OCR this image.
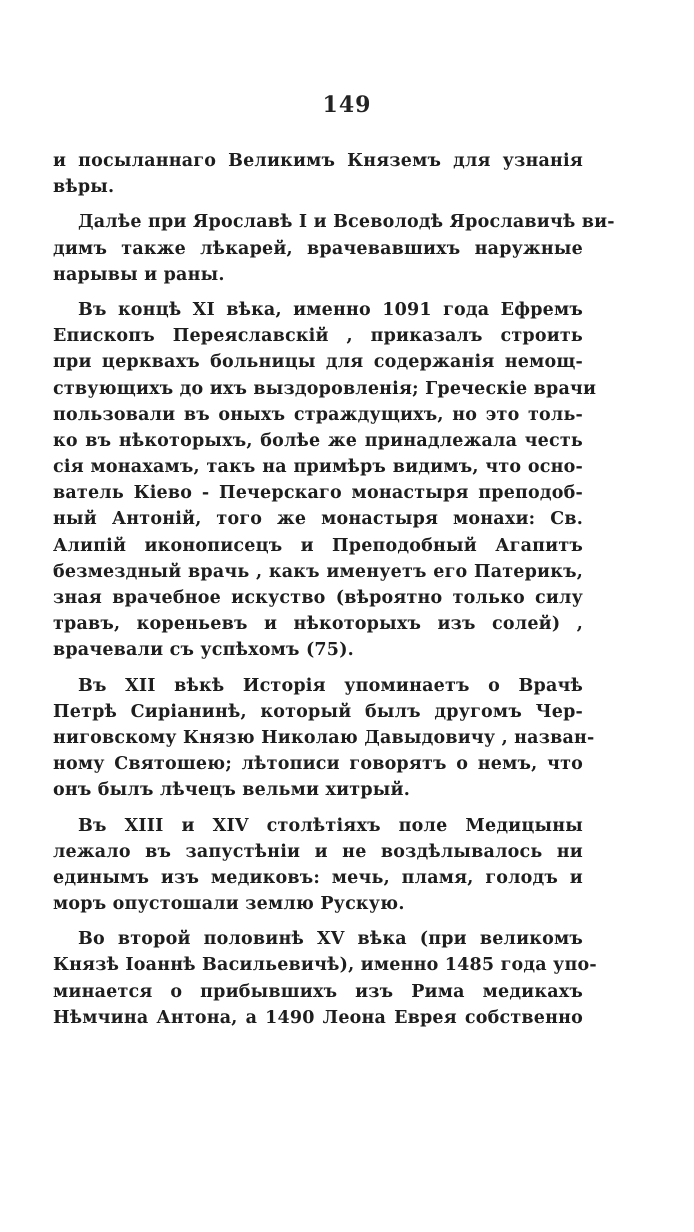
149
и посыланнаго Великимъ Княземъ для узнанія
вѣры.
Далѣе при Ярославѣ I и Всеволодѣ Ярославичѣ ви-
димъ также лѣкарей, врачевавшихъ наружные
нарывы и раны.
Въ концѣ XI вѣка, именно 1091 года Ефремъ
Епископъ Переяславскій , приказалъ строить
при церквахъ больницы для содержанія немощ-
ствующихъ до ихъ выздоровленія; Греческіе врачи
пользовали въ оныхъ страждущихъ, но это толь-
ко въ нѣкоторыхъ, болѣе же принадлежала честь
сія монахамъ, такъ на примѣръ видимъ, что осно-
ватель Кіево - Печерскаго монастыря преподоб-
ный Антоній, того же монастыря монахи: Св.
Алипій иконописецъ и Преподобный Агапитъ
безмездный врачь , какъ именуетъ его Патерикъ,
зная врачебное искуство (вѣроятно только силу
травъ, кореньевъ и нѣкоторыхъ изъ солей) ,
врачевали съ успѣхомъ (75).
Въ XII вѣкѣ Исторія упоминаетъ о Врачѣ
Петрѣ Сиріанинѣ, который былъ другомъ Чер-
ниговскому Князю Николаю Давыдовичу , назван-
ному Святошею; лѣтописи говорятъ о немъ, что
онъ былъ лѣчецъ вельми хитрый.
Въ XIII и XIV столѣтіяхъ поле Медицыны
лежало въ запустѣніи и не воздѣлывалось ни
единымъ изъ медиковъ: мечь, пламя, голодъ и
моръ опустошали землю Рускую.
Во второй половинѣ XV вѣка (при великомъ
Князѣ Іоаннѣ Васильевичѣ), именно 1485 года упо-
минается о прибывшихъ изъ Рима медикахъ
Нѣмчина Антона, а 1490 Леона Еврея собственно
